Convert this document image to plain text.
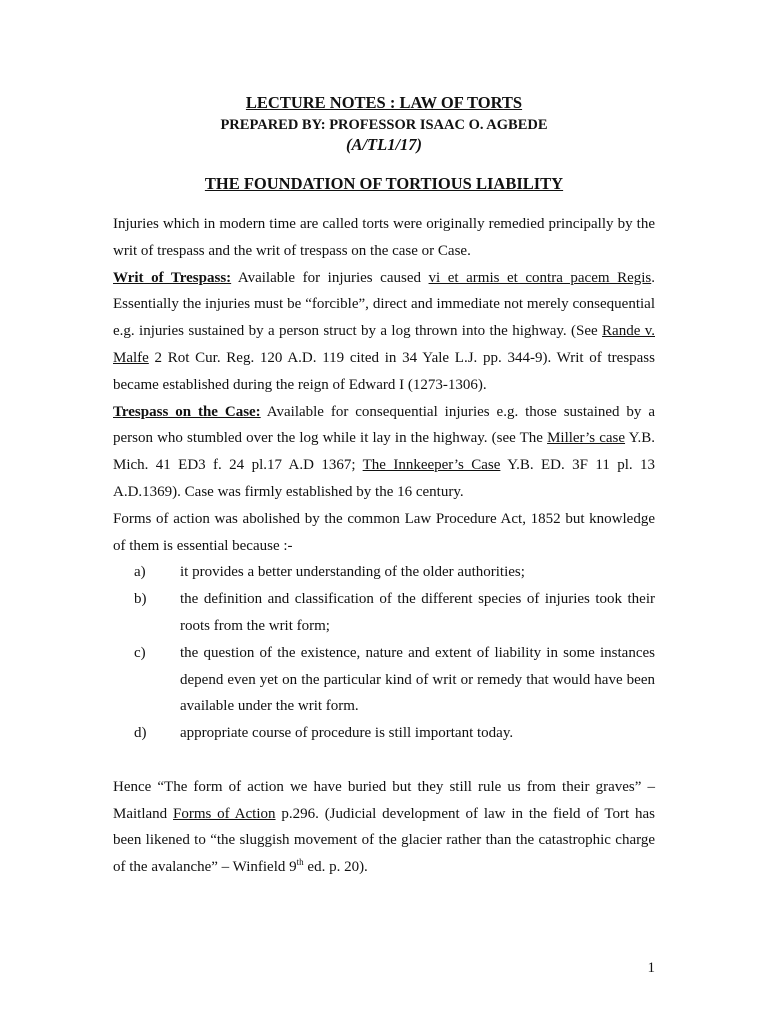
LECTURE NOTES : LAW OF TORTS
PREPARED BY: PROFESSOR ISAAC O. AGBEDE
(A/TL1/17)
THE FOUNDATION OF TORTIOUS LIABILITY

Injuries which in modern time are called torts were originally remedied principally by the writ of trespass and the writ of trespass on the case or Case.

Writ of Trespass: Available for injuries caused vi et armis et contra pacem Regis. Essentially the injuries must be “forcible”, direct and immediate not merely consequential e.g. injuries sustained by a person struct by a log thrown into the highway. (See Rande v. Malfe 2 Rot Cur. Reg. 120 A.D. 119 cited in 34 Yale L.J. pp. 344-9). Writ of trespass became established during the reign of Edward I (1273-1306).

Trespass on the Case: Available for consequential injuries e.g. those sustained by a person who stumbled over the log while it lay in the highway. (see The Miller’s case Y.B. Mich. 41 ED3 f. 24 pl.17 A.D 1367; The Innkeeper’s Case Y.B. ED. 3F 11 pl. 13 A.D.1369). Case was firmly established by the 16 century.

Forms of action was abolished by the common Law Procedure Act, 1852 but knowledge of them is essential because :-

a) it provides a better understanding of the older authorities;
b) the definition and classification of the different species of injuries took their roots from the writ form;
c) the question of the existence, nature and extent of liability in some instances depend even yet on the particular kind of writ or remedy that would have been available under the writ form.
d) appropriate course of procedure is still important today.

Hence “The form of action we have buried but they still rule us from their graves” – Maitland Forms of Action p.296. (Judicial development of law in the field of Tort has been likened to “the sluggish movement of the glacier rather than the catastrophic charge of the avalanche” – Winfield 9th ed. p. 20).

1
